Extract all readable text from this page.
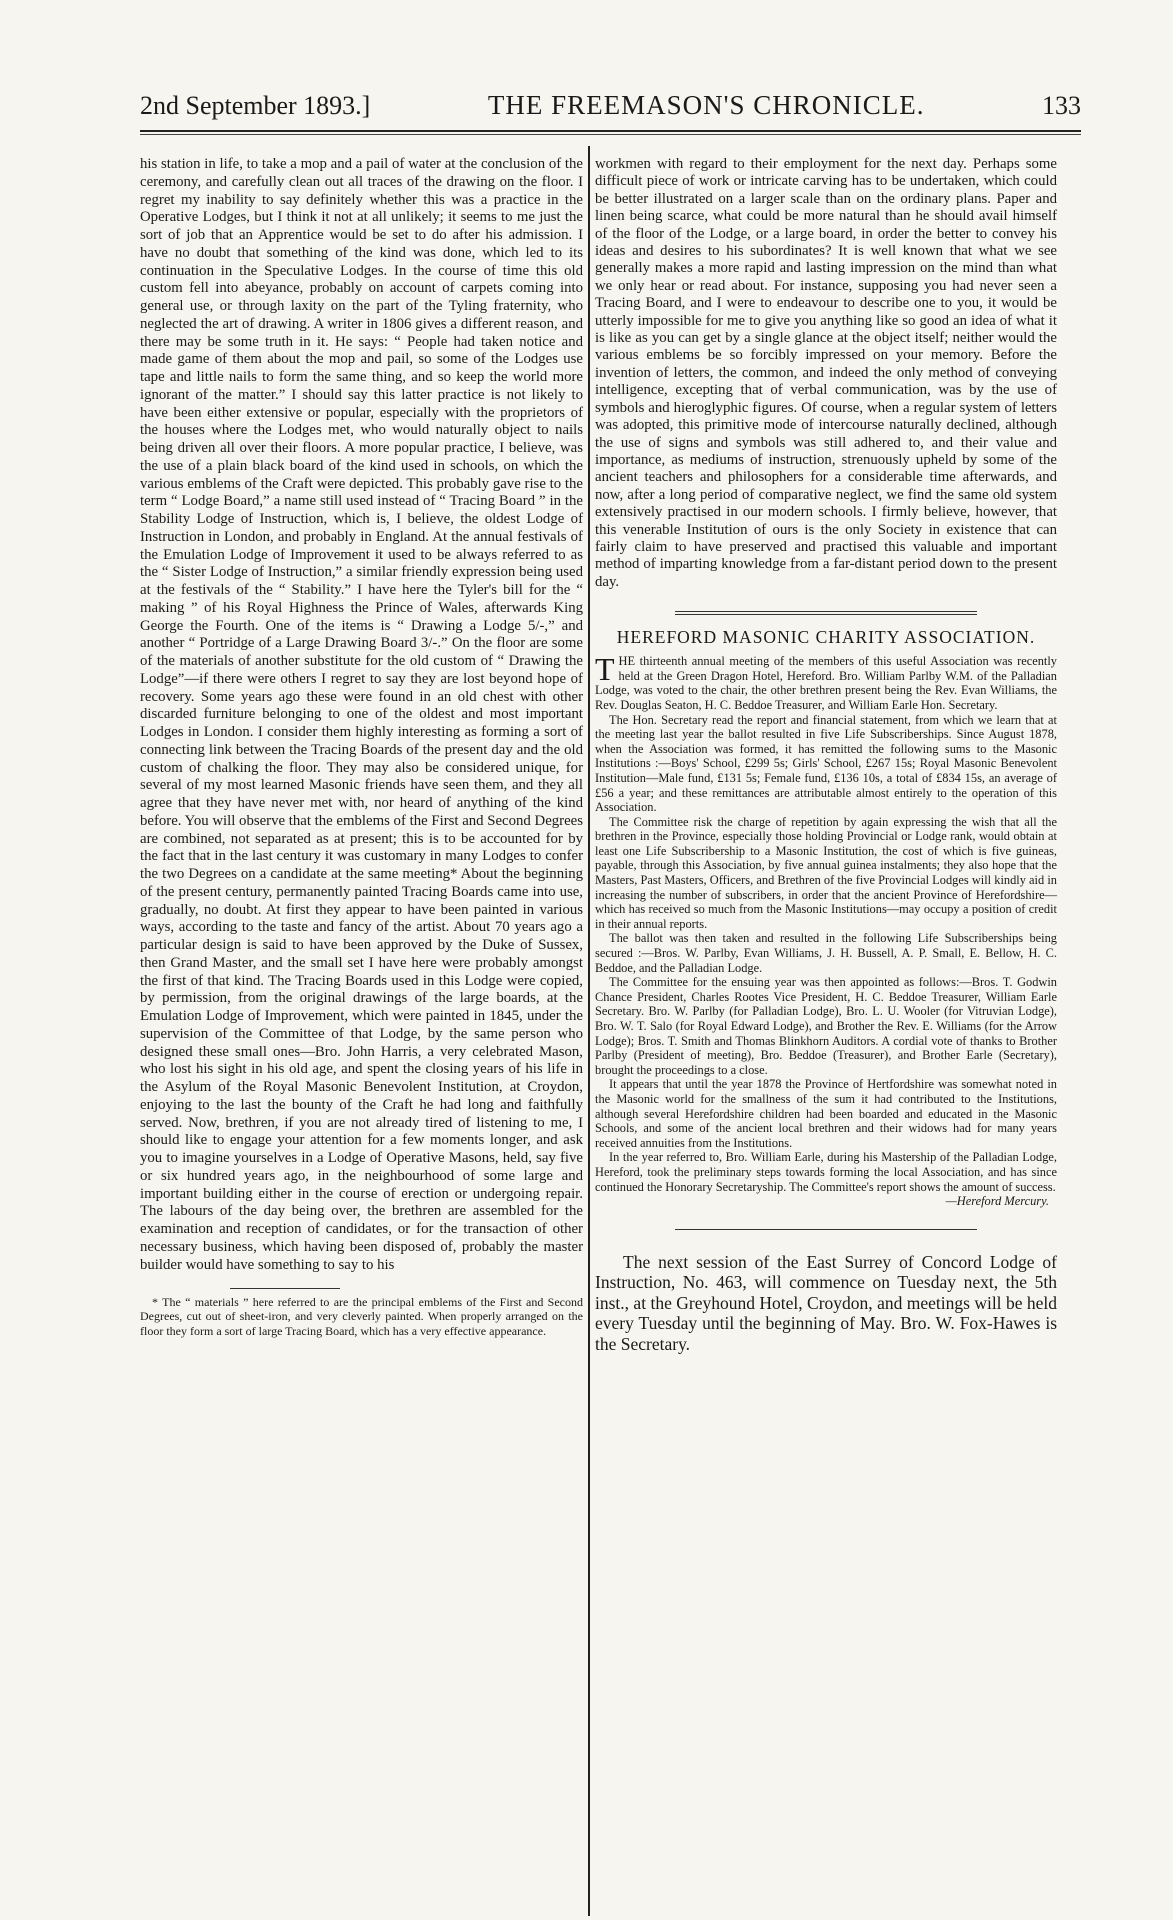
2nd September 1893.]	THE FREEMASON'S CHRONICLE.	133

his station in life, to take a mop and a pail of water at the conclusion of the ceremony, and carefully clean out all traces of the drawing on the floor. I regret my inability to say definitely whether this was a practice in the Operative Lodges, but I think it not at all unlikely; it seems to me just the sort of job that an Apprentice would be set to do after his admission. I have no doubt that something of the kind was done, which led to its continuation in the Speculative Lodges. In the course of time this old custom fell into abeyance, probably on account of carpets coming into general use, or through laxity on the part of the Tyling fraternity, who neglected the art of drawing. A writer in 1806 gives a different reason, and there may be some truth in it. He says: “ People had taken notice and made game of them about the mop and pail, so some of the Lodges use tape and little nails to form the same thing, and so keep the world more ignorant of the matter.” I should say this latter practice is not likely to have been either extensive or popular, especially with the proprietors of the houses where the Lodges met, who would naturally object to nails being driven all over their floors. A more popular practice, I believe, was the use of a plain black board of the kind used in schools, on which the various emblems of the Craft were depicted. This probably gave rise to the term “ Lodge Board,” a name still used instead of “ Tracing Board ” in the Stability Lodge of Instruction, which is, I believe, the oldest Lodge of Instruction in London, and probably in England. At the annual festivals of the Emulation Lodge of Improvement it used to be always referred to as the “ Sister Lodge of Instruction,” a similar friendly expression being used at the festivals of the “ Stability.” I have here the Tyler's bill for the “ making ” of his Royal Highness the Prince of Wales, afterwards King George the Fourth. One of the items is “ Drawing a Lodge 5/-,” and another “ Portridge of a Large Drawing Board 3/-.” On the floor are some of the materials of another substitute for the old custom of “ Drawing the Lodge”—if there were others I regret to say they are lost beyond hope of recovery. Some years ago these were found in an old chest with other discarded furniture belonging to one of the oldest and most important Lodges in London. I consider them highly interesting as forming a sort of connecting link between the Tracing Boards of the present day and the old custom of chalking the floor. They may also be considered unique, for several of my most learned Masonic friends have seen them, and they all agree that they have never met with, nor heard of anything of the kind before. You will observe that the emblems of the First and Second Degrees are combined, not separated as at present; this is to be accounted for by the fact that in the last century it was customary in many Lodges to confer the two Degrees on a candidate at the same meeting* About the beginning of the present century, permanently painted Tracing Boards came into use, gradually, no doubt. At first they appear to have been painted in various ways, according to the taste and fancy of the artist. About 70 years ago a particular design is said to have been approved by the Duke of Sussex, then Grand Master, and the small set I have here were probably amongst the first of that kind. The Tracing Boards used in this Lodge were copied, by permission, from the original drawings of the large boards, at the Emulation Lodge of Improvement, which were painted in 1845, under the supervision of the Committee of that Lodge, by the same person who designed these small ones—Bro. John Harris, a very celebrated Mason, who lost his sight in his old age, and spent the closing years of his life in the Asylum of the Royal Masonic Benevolent Institution, at Croydon, enjoying to the last the bounty of the Craft he had long and faithfully served. Now, brethren, if you are not already tired of listening to me, I should like to engage your attention for a few moments longer, and ask you to imagine yourselves in a Lodge of Operative Masons, held, say five or six hundred years ago, in the neighbourhood of some large and important building either in the course of erection or undergoing repair. The labours of the day being over, the brethren are assembled for the examination and reception of candidates, or for the transaction of other necessary business, which having been disposed of, probably the master builder would have something to say to his

* The “ materials ” here referred to are the principal emblems of the First and Second Degrees, cut out of sheet-iron, and very cleverly painted. When properly arranged on the floor they form a sort of large Tracing Board, which has a very effective appearance.

workmen with regard to their employment for the next day. Perhaps some difficult piece of work or intricate carving has to be undertaken, which could be better illustrated on a larger scale than on the ordinary plans. Paper and linen being scarce, what could be more natural than he should avail himself of the floor of the Lodge, or a large board, in order the better to convey his ideas and desires to his subordinates? It is well known that what we see generally makes a more rapid and lasting impression on the mind than what we only hear or read about. For instance, supposing you had never seen a Tracing Board, and I were to endeavour to describe one to you, it would be utterly impossible for me to give you anything like so good an idea of what it is like as you can get by a single glance at the object itself; neither would the various emblems be so forcibly impressed on your memory. Before the invention of letters, the common, and indeed the only method of conveying intelligence, excepting that of verbal communication, was by the use of symbols and hieroglyphic figures. Of course, when a regular system of letters was adopted, this primitive mode of intercourse naturally declined, although the use of signs and symbols was still adhered to, and their value and importance, as mediums of instruction, strenuously upheld by some of the ancient teachers and philosophers for a considerable time afterwards, and now, after a long period of comparative neglect, we find the same old system extensively practised in our modern schools. I firmly believe, however, that this venerable Institution of ours is the only Society in existence that can fairly claim to have preserved and practised this valuable and important method of imparting knowledge from a far-distant period down to the present day.

HEREFORD MASONIC CHARITY ASSOCIATION.

THE thirteenth annual meeting of the members of this useful Association was recently held at the Green Dragon Hotel, Hereford. Bro. William Parlby W.M. of the Palladian Lodge, was voted to the chair, the other brethren present being the Rev. Evan Williams, the Rev. Douglas Seaton, H. C. Beddoe Treasurer, and William Earle Hon. Secretary.

The Hon. Secretary read the report and financial statement, from which we learn that at the meeting last year the ballot resulted in five Life Subscriberships. Since August 1878, when the Association was formed, it has remitted the following sums to the Masonic Institutions :—Boys' School, £299 5s; Girls' School, £267 15s; Royal Masonic Benevolent Institution—Male fund, £131 5s; Female fund, £136 10s, a total of £834 15s, an average of £56 a year; and these remittances are attributable almost entirely to the operation of this Association.

The Committee risk the charge of repetition by again expressing the wish that all the brethren in the Province, especially those holding Provincial or Lodge rank, would obtain at least one Life Subscribership to a Masonic Institution, the cost of which is five guineas, payable, through this Association, by five annual guinea instalments; they also hope that the Masters, Past Masters, Officers, and Brethren of the five Provincial Lodges will kindly aid in increasing the number of subscribers, in order that the ancient Province of Herefordshire—which has received so much from the Masonic Institutions—may occupy a position of credit in their annual reports.

The ballot was then taken and resulted in the following Life Subscriberships being secured :—Bros. W. Parlby, Evan Williams, J. H. Bussell, A. P. Small, E. Bellow, H. C. Beddoe, and the Palladian Lodge.

The Committee for the ensuing year was then appointed as follows:—Bros. T. Godwin Chance President, Charles Rootes Vice President, H. C. Beddoe Treasurer, William Earle Secretary. Bro. W. Parlby (for Palladian Lodge), Bro. L. U. Wooler (for Vitruvian Lodge), Bro. W. T. Salo (for Royal Edward Lodge), and Brother the Rev. E. Williams (for the Arrow Lodge); Bros. T. Smith and Thomas Blinkhorn Auditors. A cordial vote of thanks to Brother Parlby (President of meeting), Bro. Beddoe (Treasurer), and Brother Earle (Secretary), brought the proceedings to a close.

It appears that until the year 1878 the Province of Hertfordshire was somewhat noted in the Masonic world for the smallness of the sum it had contributed to the Institutions, although several Herefordshire children had been boarded and educated in the Masonic Schools, and some of the ancient local brethren and their widows had for many years received annuities from the Institutions.

In the year referred to, Bro. William Earle, during his Mastership of the Palladian Lodge, Hereford, took the preliminary steps towards forming the local Association, and has since continued the Honorary Secretaryship. The Committee's report shows the amount of success.

—Hereford Mercury.

The next session of the East Surrey of Concord Lodge of Instruction, No. 463, will commence on Tuesday next, the 5th inst., at the Greyhound Hotel, Croydon, and meetings will be held every Tuesday until the beginning of May. Bro. W. Fox-Hawes is the Secretary.
